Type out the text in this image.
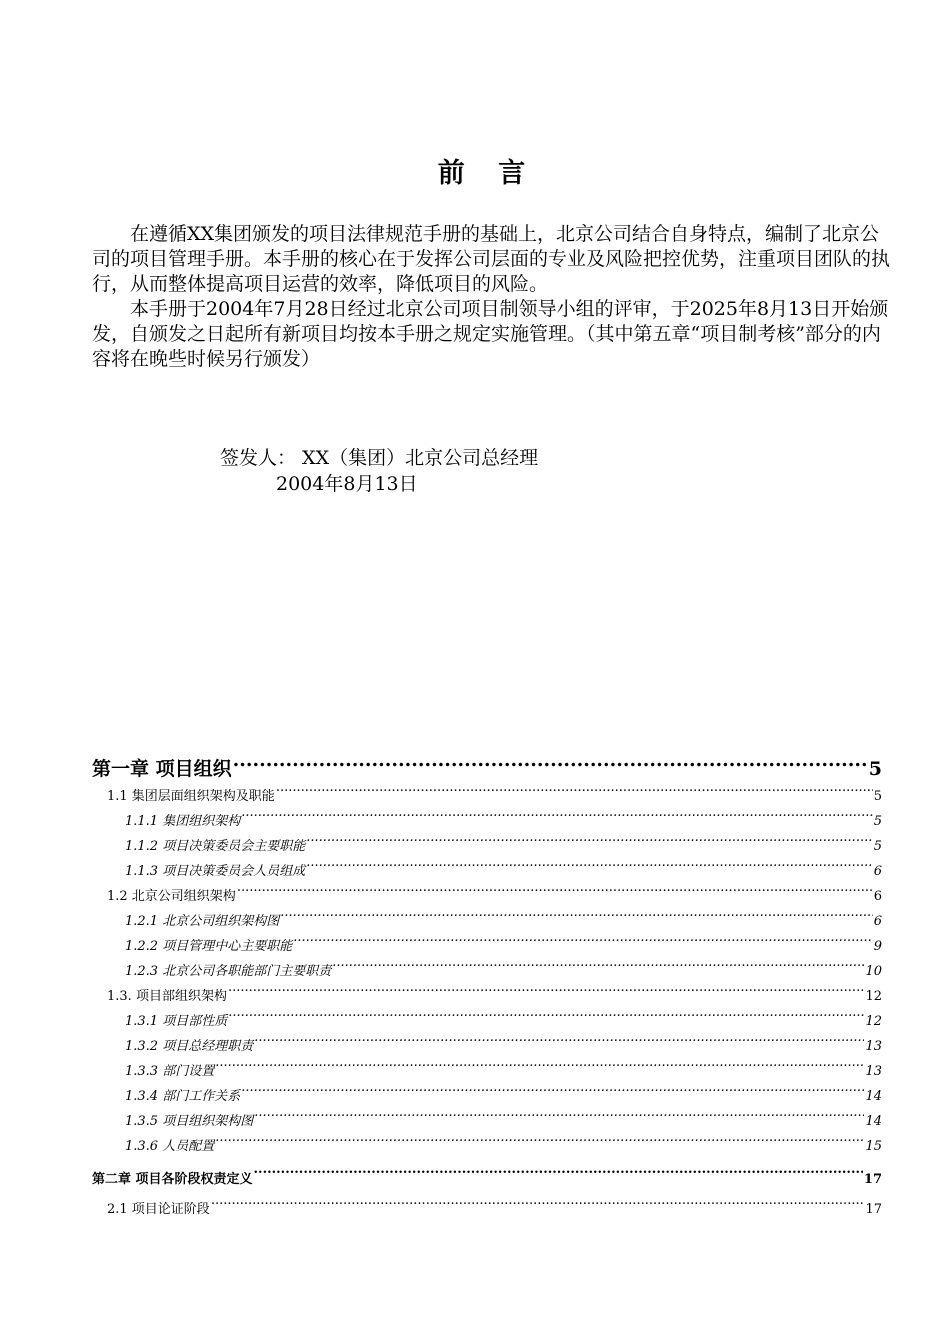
前 言

在遵循XX集团颁发的项目法律规范手册的基础上，北京公司结合自身特点，编制了北京公司的项目管理手册。本手册的核心在于发挥公司层面的专业及风险把控优势，注重项目团队的执行，从而整体提高项目运营的效率，降低项目的风险。

本手册于2004年7月28日经过北京公司项目制领导小组的评审，于2025年8月13日开始颁发，自颁发之日起所有新项目均按本手册之规定实施管理。（其中第五章“项目制考核”部分的内容将在晚些时候另行颁发）

签发人： XX（集团）北京公司总经理
2004年8月13日
第一章 项目组织 .....	5
1.1 集团层面组织架构及职能 .....	5
1.1.1 集团组织架构 .....	5
1.1.2 项目决策委员会主要职能 .....	5
1.1.3 项目决策委员会人员组成 .....	6
1.2 北京公司组织架构 .....	6
1.2.1 北京公司组织架构图 .....	6
1.2.2 项目管理中心主要职能 .....	9
1.2.3 北京公司各职能部门主要职责 .....	10
1.3. 项目部组织架构 .....	12
1.3.1 项目部性质 .....	12
1.3.2 项目总经理职责 .....	13
1.3.3 部门设置 .....	13
1.3.4 部门工作关系 .....	14
1.3.5 项目组织架构图 .....	14
1.3.6 人员配置 .....	15
第二章 项目各阶段权责定义 .....	17
2.1 项目论证阶段 .....	17
